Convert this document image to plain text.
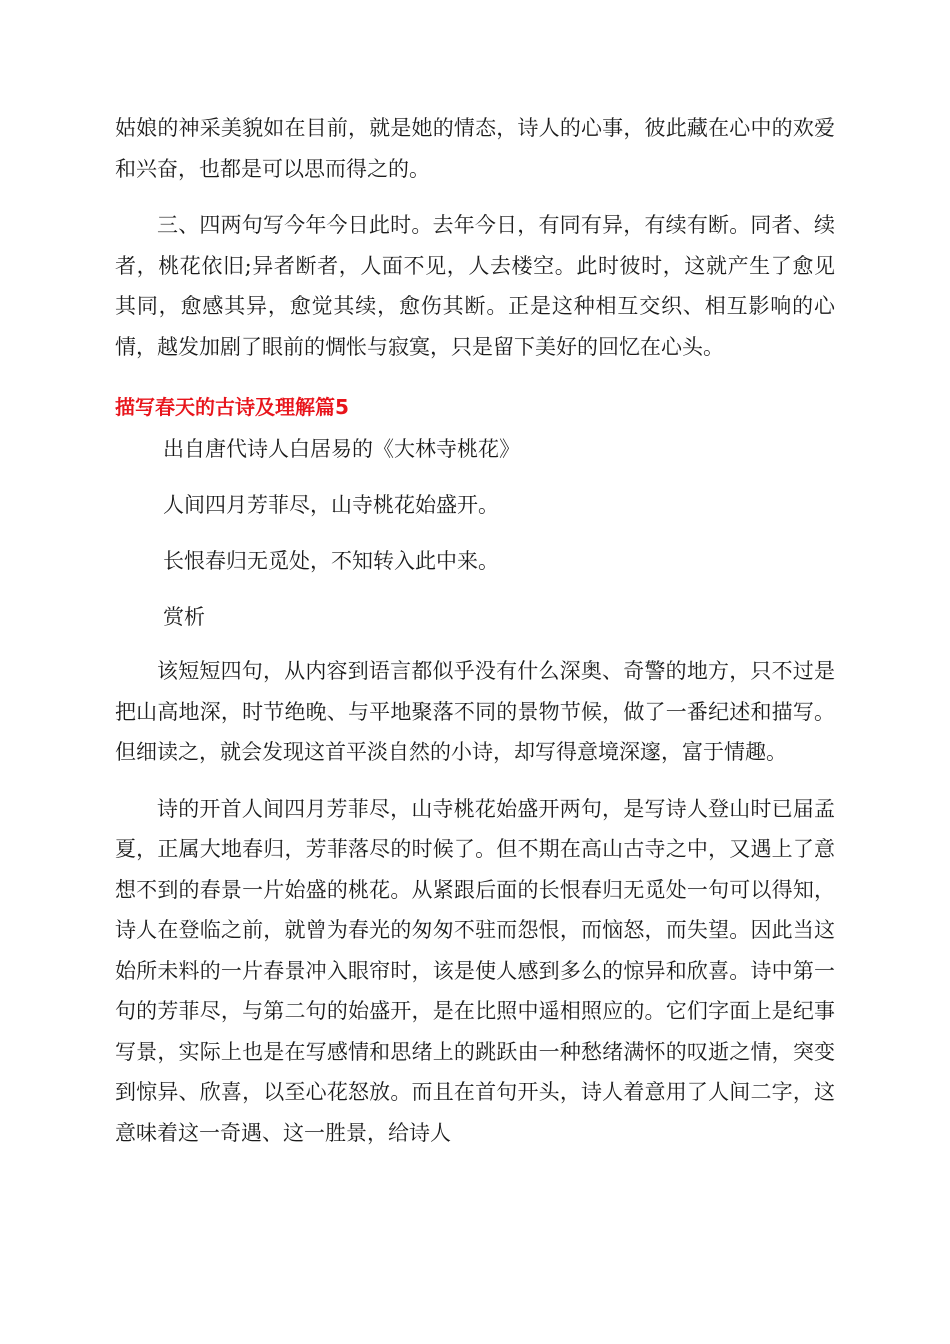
姑娘的神采美貌如在目前，就是她的情态，诗人的心事，彼此藏在心中的欢爱和兴奋，也都是可以思而得之的。

三、四两句写今年今日此时。去年今日，有同有异，有续有断。同者、续者，桃花依旧;异者断者，人面不见，人去楼空。此时彼时，这就产生了愈见其同，愈感其异，愈觉其续，愈伤其断。正是这种相互交织、相互影响的心情，越发加剧了眼前的惆怅与寂寞，只是留下美好的回忆在心头。

描写春天的古诗及理解篇5

出自唐代诗人白居易的《大林寺桃花》

人间四月芳菲尽，山寺桃花始盛开。

长恨春归无觅处，不知转入此中来。

赏析

该短短四句，从内容到语言都似乎没有什么深奥、奇警的地方，只不过是把山高地深，时节绝晚、与平地聚落不同的景物节候，做了一番纪述和描写。但细读之，就会发现这首平淡自然的小诗，却写得意境深邃，富于情趣。

诗的开首人间四月芳菲尽，山寺桃花始盛开两句，是写诗人登山时已届孟夏，正属大地春归，芳菲落尽的时候了。但不期在高山古寺之中，又遇上了意想不到的春景一片始盛的桃花。从紧跟后面的长恨春归无觅处一句可以得知，诗人在登临之前，就曾为春光的匆匆不驻而怨恨，而恼怒，而失望。因此当这始所未料的一片春景冲入眼帘时，该是使人感到多么的惊异和欣喜。诗中第一句的芳菲尽，与第二句的始盛开，是在比照中遥相照应的。它们字面上是纪事写景，实际上也是在写感情和思绪上的跳跃由一种愁绪满怀的叹逝之情，突变到惊异、欣喜，以至心花怒放。而且在首句开头，诗人着意用了人间二字，这意味着这一奇遇、这一胜景，给诗人
